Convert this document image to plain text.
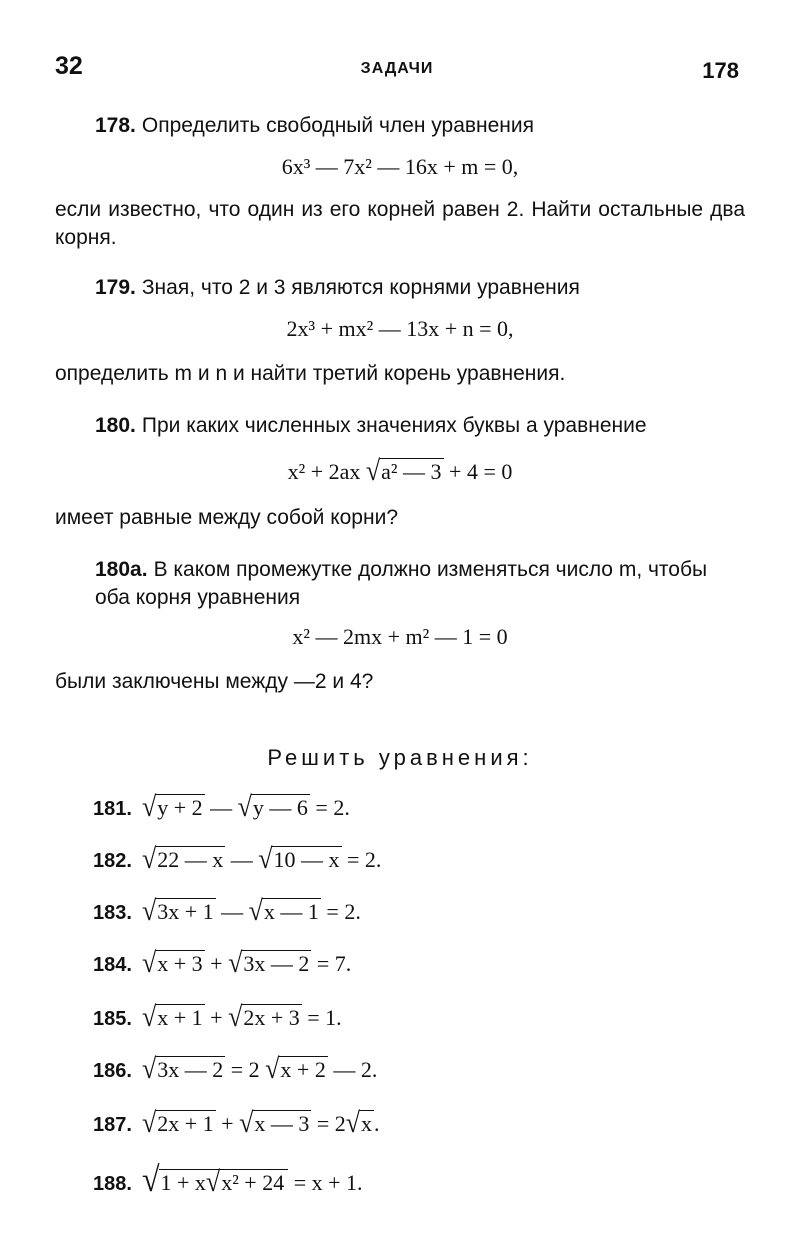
32	ЗАДАЧИ	178
178. Определить свободный член уравнения
6x³ — 7x² — 16x + m = 0,
если известно, что один из его корней равен 2. Найти остальные два корня.
179. Зная, что 2 и 3 являются корнями уравнения
2x³ + mx² — 13x + n = 0,
определить m и n и найти третий корень уравнения.
180. При каких численных значениях буквы a уравнение
x² + 2ax √a² — 3 + 4 = 0
имеет равные между собой корни?
180a. В каком промежутке должно изменяться число m, чтобы оба корня уравнения
x² — 2mx + m² — 1 = 0
были заключены между —2 и 4?
Решить уравнения:
181. √y + 2 — √y — 6 = 2.
182. √22 — x — √10 — x = 2.
183. √3x + 1 — √x — 1 = 2.
184. √x + 3 + √3x — 2 = 7.
185. √x + 1 + √2x + 3 = 1.
186. √3x — 2 = 2 √x + 2 — 2.
187. √2x + 1 + √x — 3 = 2√x.
188. √1 + x√x² + 24 = x + 1.
